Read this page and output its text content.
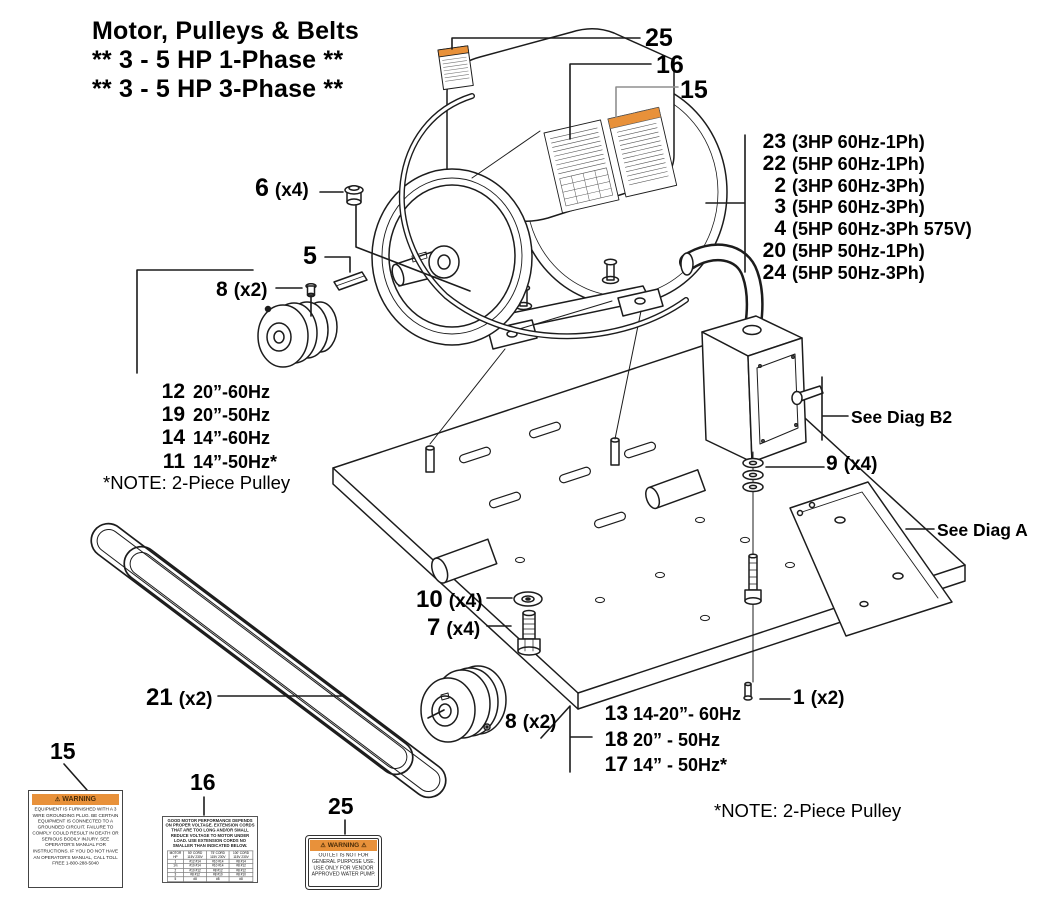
Motor, Pulleys & Belts
** 3 - 5 HP 1-Phase **
** 3 - 5 HP 3-Phase **
25
16
15
23 (3HP 60Hz-1Ph)
22 (5HP 60Hz-1Ph)
2 (3HP 60Hz-3Ph)
3 (5HP 60Hz-3Ph)
4 (5HP 60Hz-3Ph 575V)
20 (5HP 50Hz-1Ph)
24 (5HP 50Hz-3Ph)
6 (x4)
5
8 (x2)
12 20”-60Hz
19 20”-50Hz
14 14”-60Hz
11 14”-50Hz*
*NOTE: 2-Piece Pulley
See Diag B2
9 (x4)
See Diag A
10 (x4)
7 (x4)
21 (x2)
8 (x2)
1 (x2)
13 14-20”- 60Hz
18 20” - 50Hz
17 14” - 50Hz*
*NOTE: 2-Piece Pulley
15
16
25
⚠ WARNING
EQUIPMENT IS FURNISHED WITH A 3 WIRE GROUNDING PLUG. BE CERTAIN EQUIPMENT IS CONNECTED TO A GROUNDED CIRCUIT. FAILURE TO COMPLY COULD RESULT IN DEATH OR SERIOUS BODILY INJURY. SEE OPERATOR'S MANUAL FOR INSTRUCTIONS. IF YOU DO NOT HAVE AN OPERATOR'S MANUAL, CALL TOLL FREE 1-800-288-5040
GOOD MOTOR PERFORMANCE DEPENDS ON PROPER VOLTAGE. EXTENSION CORDS THAT ARE TOO LONG AND/OR SMALL REDUCE VOLTAGE TO MOTOR UNDER LOAD. USE EXTENSION CORDS NO SMALLER THAN INDICATED BELOW.
MOTOR HP	50' CORD 115V 230V	75' CORD 115V 230V	100' CORD 115V 230V
1	#12 #14	#10 #14	#8 #14
1½	#10 #14	#10 #14	#8 #12
2	#10 #12	#8 #12	#8 #12
3	#8 #12	#8 #10	#8 #10
5	#8	#8	#8
⚠ WARNING ⚠
OUTLET IS NOT FOR GENERAL PURPOSE USE. USE ONLY FOR VENDOR APPROVED WATER PUMP.
